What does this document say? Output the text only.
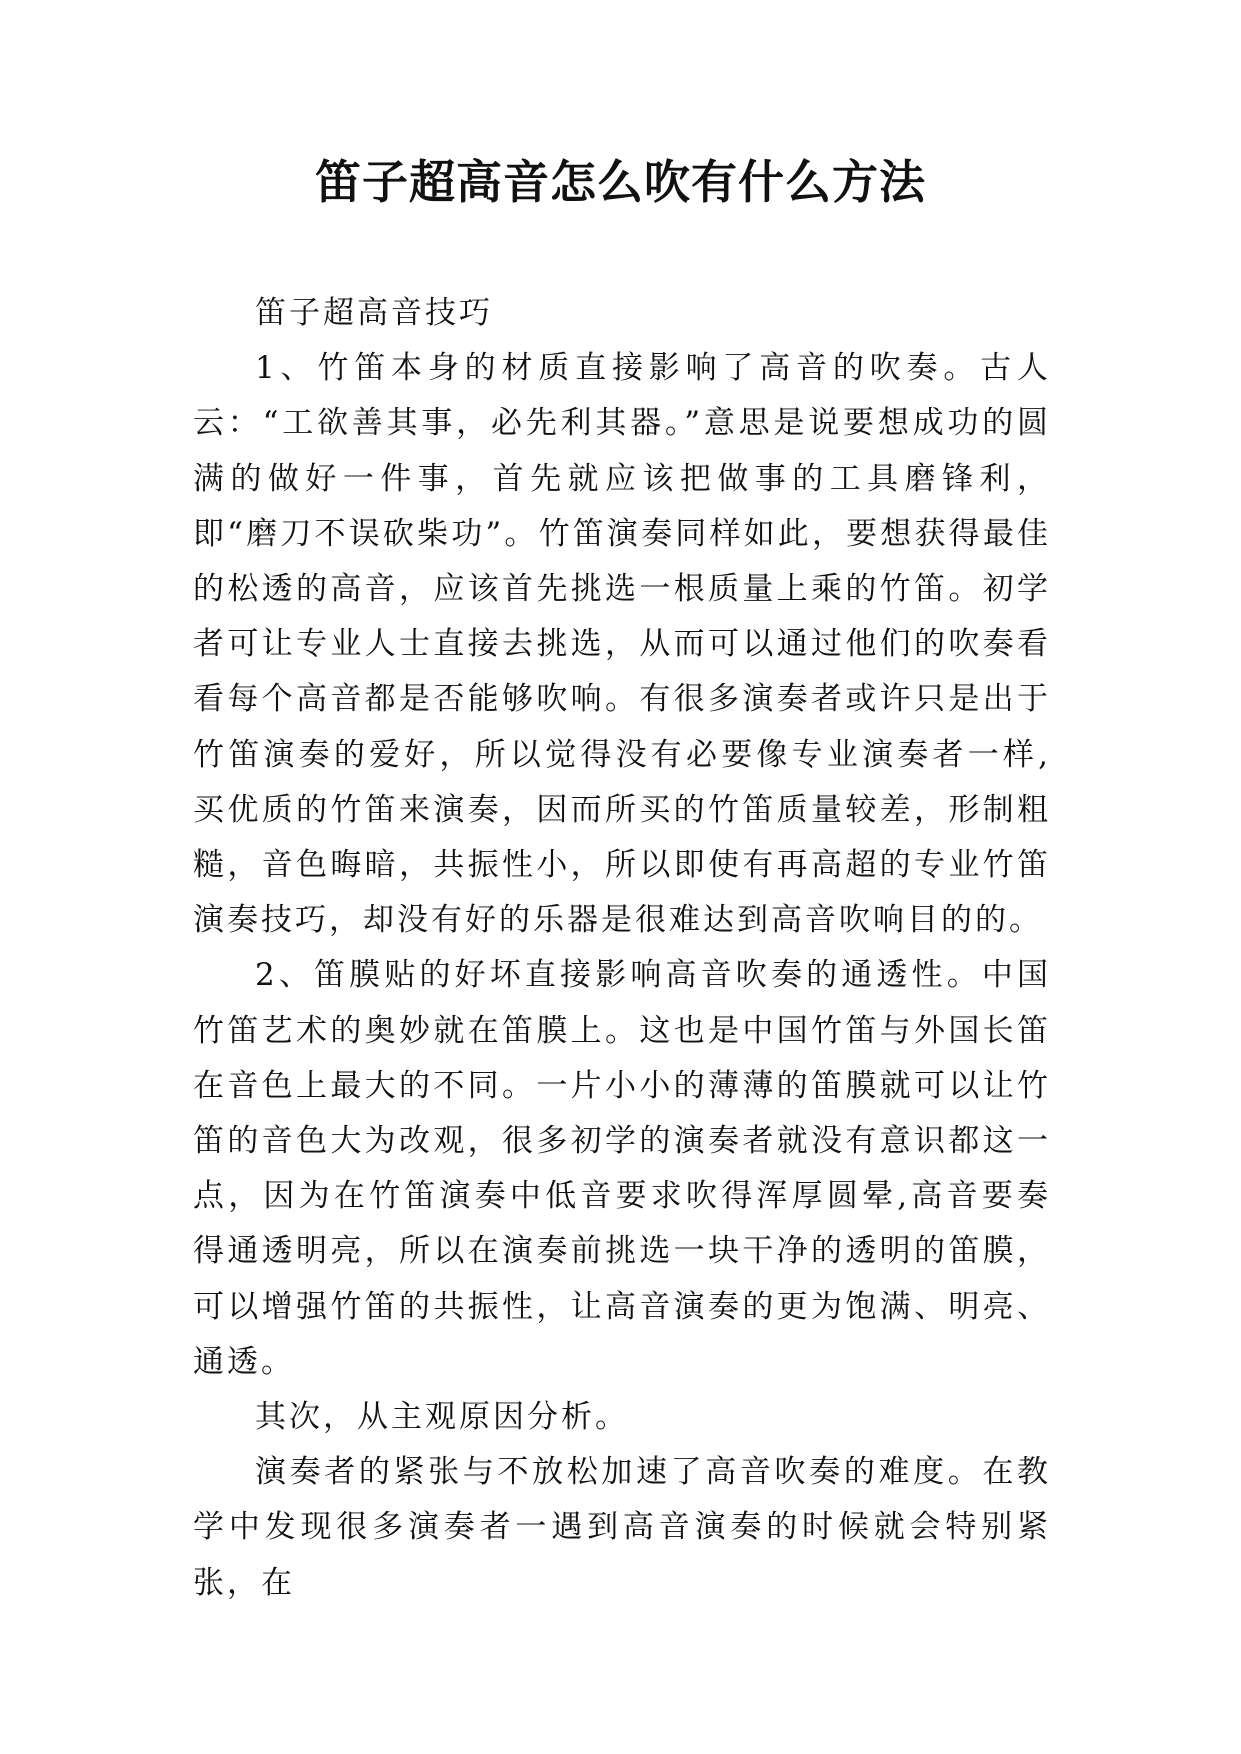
笛子超高音怎么吹有什么方法

笛子超高音技巧

1、竹笛本身的材质直接影响了高音的吹奏。古人云：“工欲善其事，必先利其器。”意思是说要想成功的圆满的做好一件事，首先就应该把做事的工具磨锋利，即“磨刀不误砍柴功”。竹笛演奏同样如此，要想获得最佳的松透的高音，应该首先挑选一根质量上乘的竹笛。初学者可让专业人士直接去挑选，从而可以通过他们的吹奏看看每个高音都是否能够吹响。有很多演奏者或许只是出于竹笛演奏的爱好，所以觉得没有必要像专业演奏者一样,买优质的竹笛来演奏，因而所买的竹笛质量较差，形制粗糙，音色晦暗，共振性小，所以即使有再高超的专业竹笛演奏技巧，却没有好的乐器是很难达到高音吹响目的的。

2、笛膜贴的好坏直接影响高音吹奏的通透性。中国竹笛艺术的奥妙就在笛膜上。这也是中国竹笛与外国长笛在音色上最大的不同。一片小小的薄薄的笛膜就可以让竹笛的音色大为改观，很多初学的演奏者就没有意识都这一点，因为在竹笛演奏中低音要求吹得浑厚圆晕,高音要奏得通透明亮，所以在演奏前挑选一块干净的透明的笛膜，可以增强竹笛的共振性，让高音演奏的更为饱满、明亮、通透。

其次，从主观原因分析。

演奏者的紧张与不放松加速了高音吹奏的难度。在教学中发现很多演奏者一遇到高音演奏的时候就会特别紧张，在
